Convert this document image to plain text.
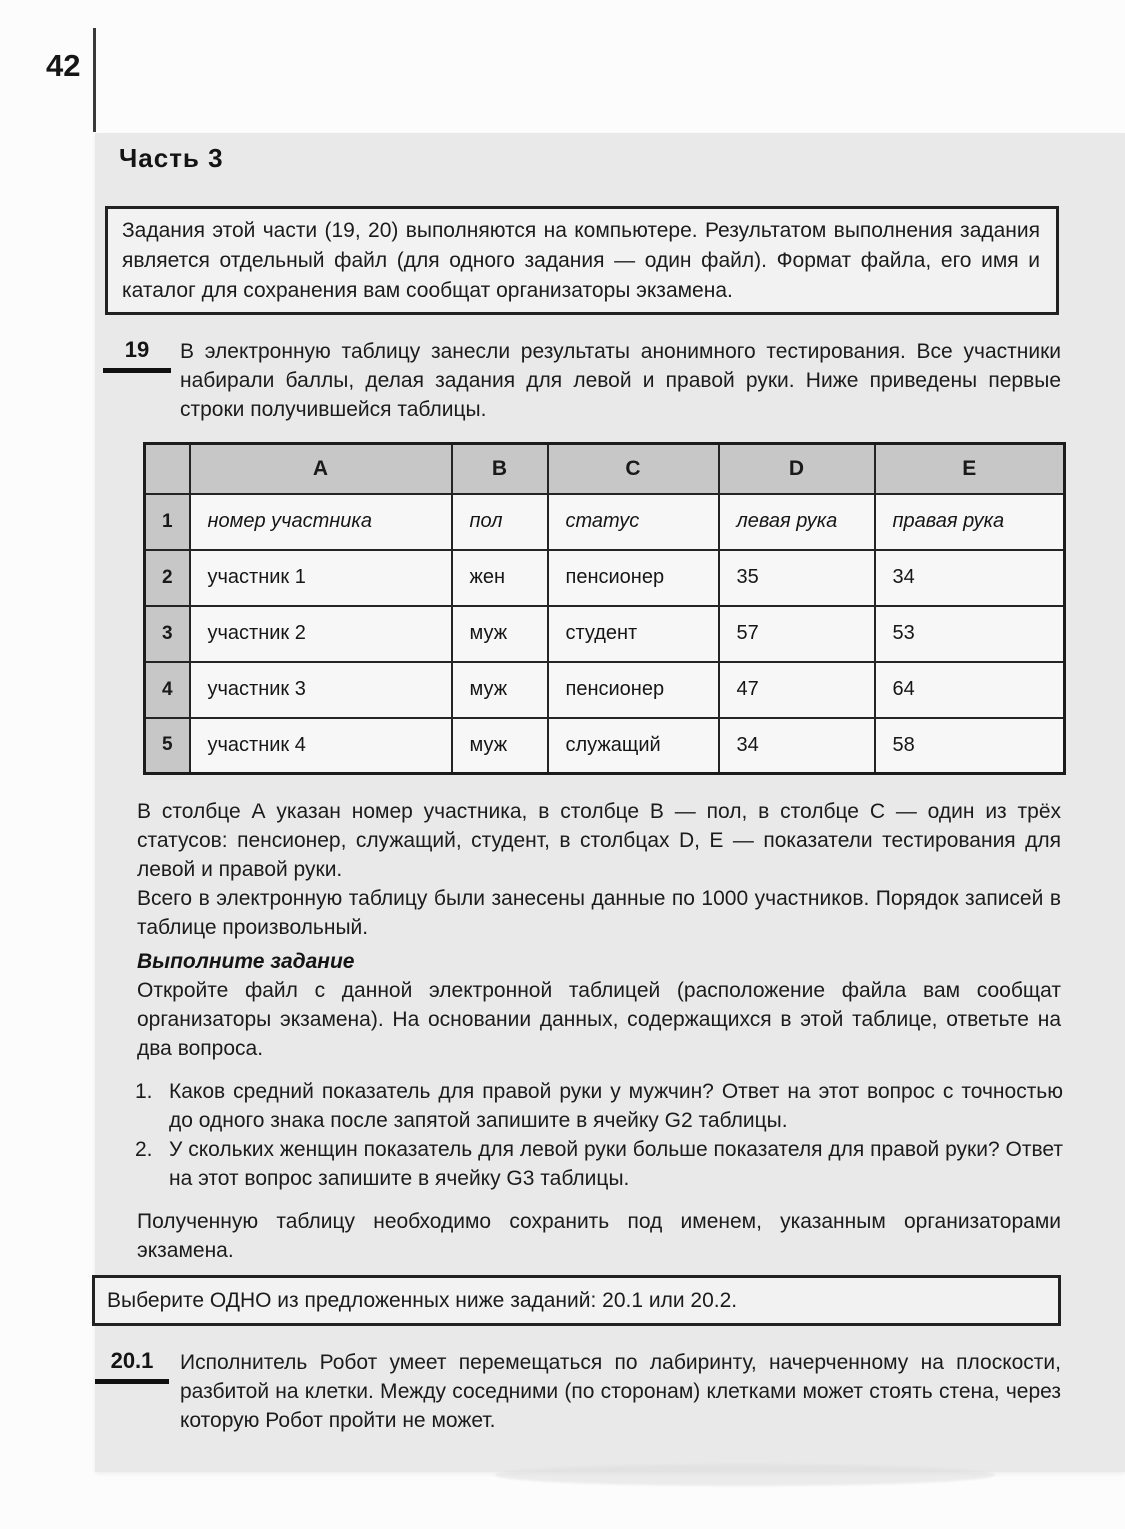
42
Часть 3

Задания этой части (19, 20) выполняются на компьютере. Результатом выполнения задания является отдельный файл (для одного задания — один файл). Формат файла, его имя и каталог для сохранения вам сообщат организаторы экзамена.

19	В электронную таблицу занесли результаты анонимного тестирования. Все участники набирали баллы, делая задания для левой и правой руки. Ниже приведены первые строки получившейся таблицы.
	A	B	C	D	E
1	номер участника	пол	статус	левая рука	правая рука
2	участник 1	жен	пенсионер	35	34
3	участник 2	муж	студент	57	53
4	участник 3	муж	пенсионер	47	64
5	участник 4	муж	служащий	34	58

В столбце А указан номер участника, в столбце В — пол, в столбце С — один из трёх статусов: пенсионер, служащий, студент, в столбцах D, E — показатели тестирования для левой и правой руки.

Всего в электронную таблицу были занесены данные по 1000 участников. Порядок записей в таблице произвольный.

Выполните задание

Откройте файл с данной электронной таблицей (расположение файла вам сообщат организаторы экзамена). На основании данных, содержащихся в этой таблице, ответьте на два вопроса.

1. Каков средний показатель для правой руки у мужчин? Ответ на этот вопрос с точностью до одного знака после запятой запишите в ячейку G2 таблицы.
2. У скольких женщин показатель для левой руки больше показателя для правой руки? Ответ на этот вопрос запишите в ячейку G3 таблицы.

Полученную таблицу необходимо сохранить под именем, указанным организаторами экзамена.

Выберите ОДНО из предложенных ниже заданий: 20.1 или 20.2.

20.1	Исполнитель Робот умеет перемещаться по лабиринту, начерченному на плоскости, разбитой на клетки. Между соседними (по сторонам) клетками может стоять стена, через которую Робот пройти не может.
